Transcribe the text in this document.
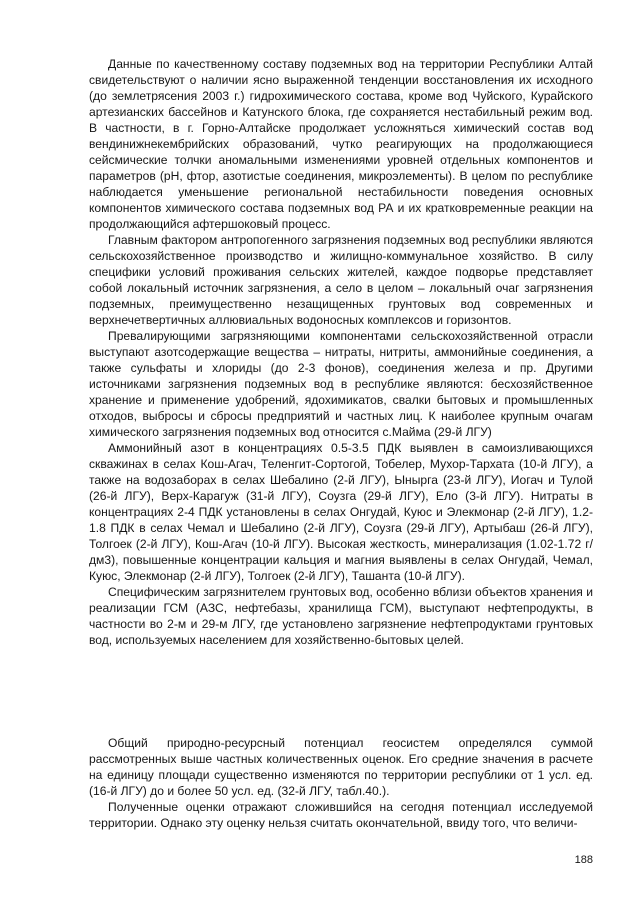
Данные по качественному составу подземных вод на территории Республики Алтай свидетельствуют о наличии ясно выраженной тенденции восстановления их исходного (до землетрясения 2003 г.) гидрохимического состава, кроме вод Чуйского, Курайского артезианских бассейнов и Катунского блока, где сохраняется нестабильный режим вод. В частности, в г. Горно-Алтайске продолжает усложняться химический состав вод вендинижнекембрийских образований, чутко реагирующих на продолжающиеся сейсмические толчки аномальными изменениями уровней отдельных компонентов и параметров (рН, фтор, азотистые соединения, микроэлементы). В целом по республике наблюдается уменьшение региональной нестабильности поведения основных компонентов химического состава подземных вод РА и их кратковременные реакции на продолжающийся афтершоковый процесс.

Главным фактором антропогенного загрязнения подземных вод республики являются сельскохозяйственное производство и жилищно-коммунальное хозяйство. В силу специфики условий проживания сельских жителей, каждое подворье представляет собой локальный источник загрязнения, а село в целом – локальный очаг загрязнения подземных, преимущественно незащищенных грунтовых вод современных и верхнечетвертичных аллювиальных водоносных комплексов и горизонтов.

Превалирующими загрязняющими компонентами сельскохозяйственной отрасли выступают азотсодержащие вещества – нитраты, нитриты, аммонийные соединения, а также сульфаты и хлориды (до 2-3 фонов), соединения железа и пр. Другими источниками загрязнения подземных вод в республике являются: бесхозяйственное хранение и применение удобрений, ядохимикатов, свалки бытовых и промышленных отходов, выбросы и сбросы предприятий и частных лиц. К наиболее крупным очагам химического загрязнения подземных вод относится с.Майма (29-й ЛГУ)

Аммонийный азот в концентрациях 0.5-3.5 ПДК выявлен в самоизливающихся скважинах в селах Кош-Агач, Теленгит-Сортогой, Тобелер, Мухор-Тархата (10-й ЛГУ), а также на водозаборах в селах Шебалино (2-й ЛГУ), Ынырга (23-й ЛГУ), Иогач и Тулой (26-й ЛГУ), Верх-Карагуж (31-й ЛГУ), Соузга (29-й ЛГУ), Ело (3-й ЛГУ). Нитраты в концентрациях 2-4 ПДК установлены в селах Онгудай, Куюс и Элекмонар (2-й ЛГУ), 1.2-1.8 ПДК в селах Чемал и Шебалино (2-й ЛГУ), Соузга (29-й ЛГУ), Артыбаш (26-й ЛГУ), Толгоек (2-й ЛГУ), Кош-Агач (10-й ЛГУ). Высокая жесткость, минерализация (1.02-1.72 г/дм3), повышенные концентрации кальция и магния выявлены в селах Онгудай, Чемал, Куюс, Элекмонар (2-й ЛГУ), Толгоек (2-й ЛГУ), Ташанта (10-й ЛГУ).

Специфическим загрязнителем грунтовых вод, особенно вблизи объектов хранения и реализации ГСМ (АЗС, нефтебазы, хранилища ГСМ), выступают нефтепродукты, в частности во 2-м и 29-м ЛГУ, где установлено загрязнение нефтепродуктами грунтовых вод, используемых населением для хозяйственно-бытовых целей.

Общий природно-ресурсный потенциал геосистем определялся суммой рассмотренных выше частных количественных оценок. Его средние значения в расчете на единицу площади существенно изменяются по территории республики от 1 усл. ед. (16-й ЛГУ) до и более 50 усл. ед. (32-й ЛГУ, табл.40.).

Полученные оценки отражают сложившийся на сегодня потенциал исследуемой территории. Однако эту оценку нельзя считать окончательной, ввиду того, что величи-

188
